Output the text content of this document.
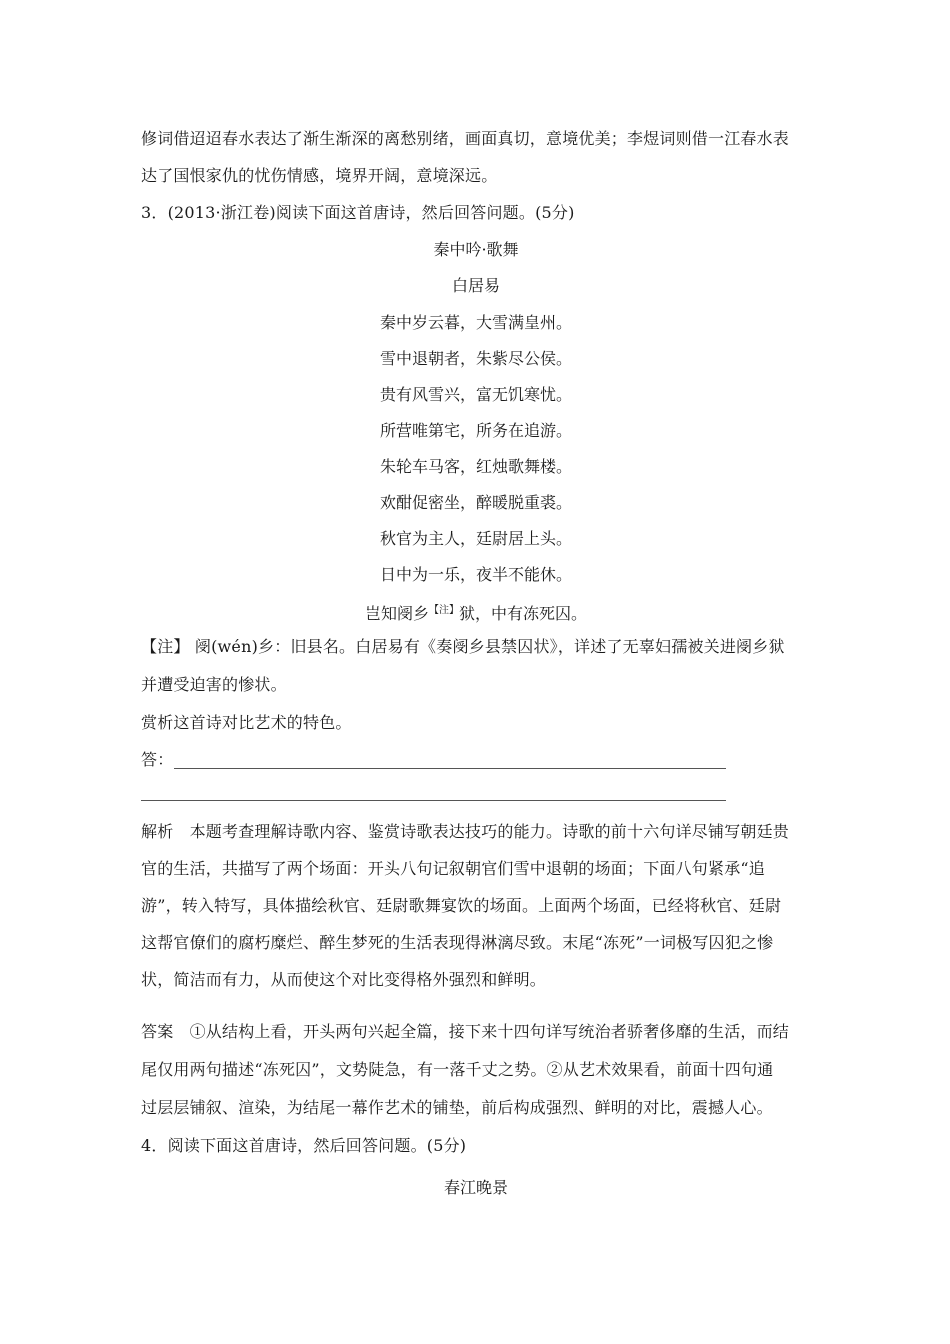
修词借迢迢春水表达了渐生渐深的离愁别绪，画面真切，意境优美；李煜词则借一江春水表
达了国恨家仇的忧伤情感，境界开阔，意境深远。
3．(2013·浙江卷)阅读下面这首唐诗，然后回答问题。(5分)
秦中吟·歌舞
白居易
秦中岁云暮，大雪满皇州。
雪中退朝者，朱紫尽公侯。
贵有风雪兴，富无饥寒忧。
所营唯第宅，所务在追游。
朱轮车马客，红烛歌舞楼。
欢酣促密坐，醉暖脱重裘。
秋官为主人，廷尉居上头。
日中为一乐，夜半不能休。
岂知阌乡$^{【注】}$狱，中有冻死囚。
【注】 阌(wén)乡：旧县名。白居易有《奏阌乡县禁囚状》，详述了无辜妇孺被关进阌乡狱
并遭受迫害的惨状。
赏析这首诗对比艺术的特色。
答：
解析　本题考查理解诗歌内容、鉴赏诗歌表达技巧的能力。诗歌的前十六句详尽铺写朝廷贵
官的生活，共描写了两个场面：开头八句记叙朝官们雪中退朝的场面；下面八句紧承“追
游”，转入特写，具体描绘秋官、廷尉歌舞宴饮的场面。上面两个场面，已经将秋官、廷尉
这帮官僚们的腐朽糜烂、醉生梦死的生活表现得淋漓尽致。末尾“冻死”一词极写囚犯之惨
状，简洁而有力，从而使这个对比变得格外强烈和鲜明。
答案　①从结构上看，开头两句兴起全篇，接下来十四句详写统治者骄奢侈靡的生活，而结
尾仅用两句描述“冻死囚”，文势陡急，有一落千丈之势。②从艺术效果看，前面十四句通
过层层铺叙、渲染，为结尾一幕作艺术的铺垫，前后构成强烈、鲜明的对比，震撼人心。
4．阅读下面这首唐诗，然后回答问题。(5分)
春江晚景
